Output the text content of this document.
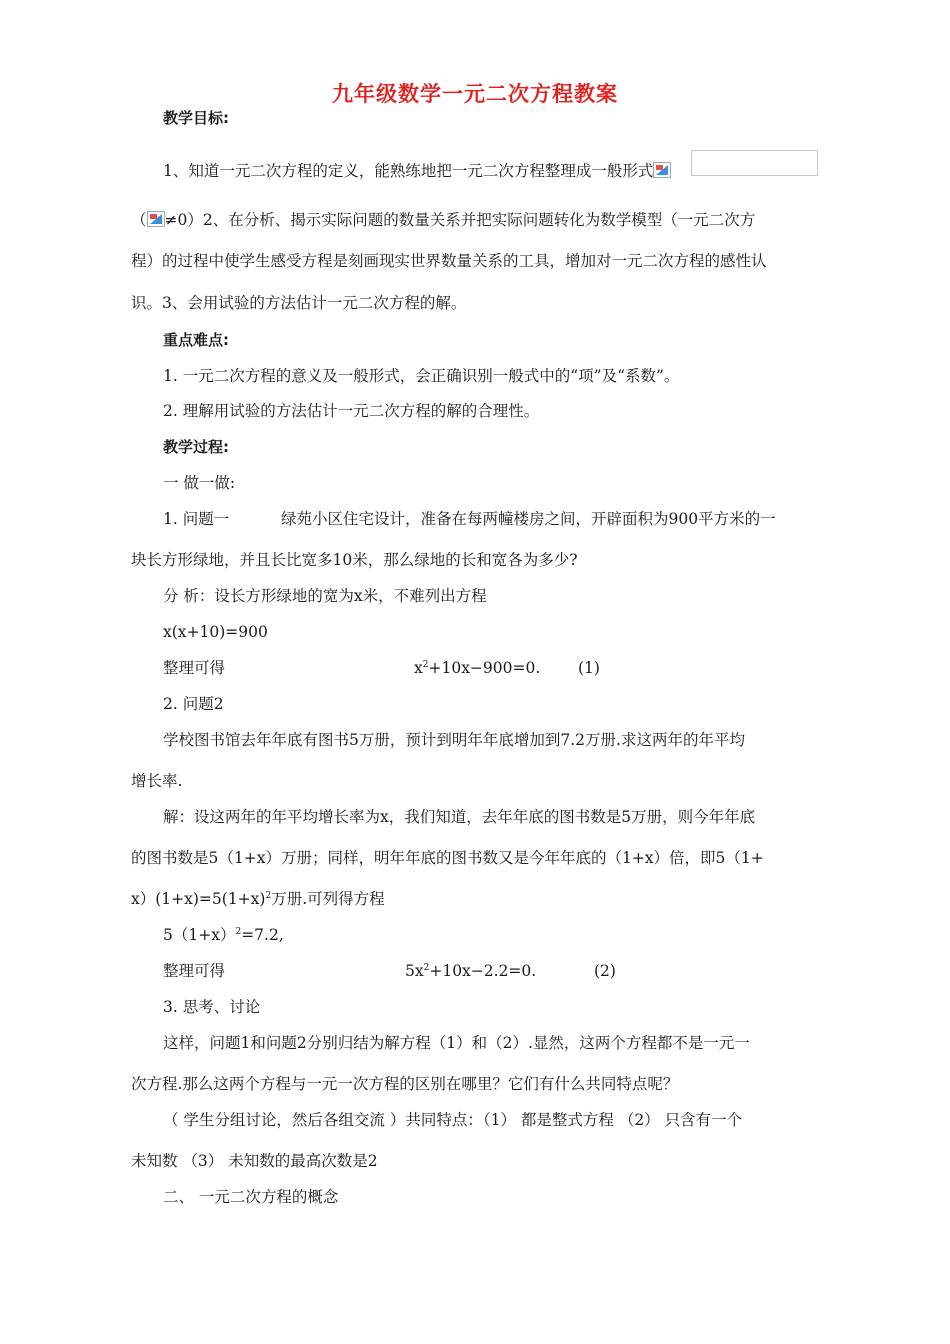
九年级数学一元二次方程教案
教学目标:
1、知道一元二次方程的定义，能熟练地把一元二次方程整理成一般形式
（ ≠0）2、在分析、揭示实际问题的数量关系并把实际问题转化为数学模型（一元二次方
程）的过程中使学生感受方程是刻画现实世界数量关系的工具，增加对一元二次方程的感性认
识。3、会用试验的方法估计一元二次方程的解。
重点难点:
1. 一元二次方程的意义及一般形式，会正确识别一般式中的“项”及“系数”。
2. 理解用试验的方法估计一元二次方程的解的合理性。
教学过程:
一 做一做:
1. 问题一	绿苑小区住宅设计，准备在每两幢楼房之间，开辟面积为900平方米的一
块长方形绿地，并且长比宽多10米，那么绿地的长和宽各为多少?
分 析：设长方形绿地的宽为x米，不难列出方程
x(x+10)=900
整理可得	$x^2+10x-900=0$. (1)
2. 问题2
学校图书馆去年年底有图书5万册，预计到明年年底增加到7.2万册.求这两年的年平均
增长率.
解：设这两年的年平均增长率为x，我们知道，去年年底的图书数是5万册，则今年年底
的图书数是5（1+x）万册；同样，明年年底的图书数又是今年年底的（1+x）倍，即5（1+
$x)(1+x)=5(1+x)^2$万册.可列得方程
$5(1+x)^2=7.2$,
整理可得	$5x^2+10x-2.2=0$.	(2)
3. 思考、讨论
这样，问题1和问题2分别归结为解方程（1）和（2）.显然，这两个方程都不是一元一
次方程.那么这两个方程与一元一次方程的区别在哪里？它们有什么共同特点呢？
（ 学生分组讨论，然后各组交流 ）共同特点：（1） 都是整式方程 （2） 只含有一个
未知数 （3） 未知数的最高次数是2
二、 一元二次方程的概念
